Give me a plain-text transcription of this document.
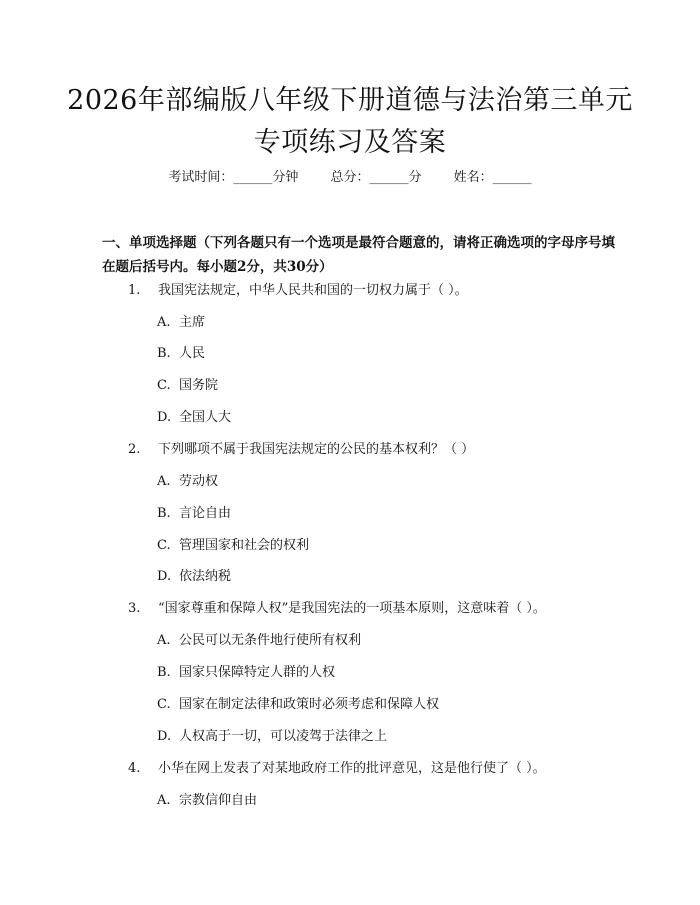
2026年部编版八年级下册道德与法治第三单元专项练习及答案
考试时间：______分钟 总分：______分 姓名：______
一、单项选择题（下列各题只有一个选项是最符合题意的，请将正确选项的字母序号填在题后括号内。每小题2分，共30分）
1. 我国宪法规定，中华人民共和国的一切权力属于（ ）。
A. 主席
B. 人民
C. 国务院
D. 全国人大
2. 下列哪项不属于我国宪法规定的公民的基本权利？（ ）
A. 劳动权
B. 言论自由
C. 管理国家和社会的权利
D. 依法纳税
3. “国家尊重和保障人权”是我国宪法的一项基本原则，这意味着（ ）。
A. 公民可以无条件地行使所有权利
B. 国家只保障特定人群的人权
C. 国家在制定法律和政策时必须考虑和保障人权
D. 人权高于一切，可以凌驾于法律之上
4. 小华在网上发表了对某地政府工作的批评意见，这是他行使了（ ）。
A. 宗教信仰自由
